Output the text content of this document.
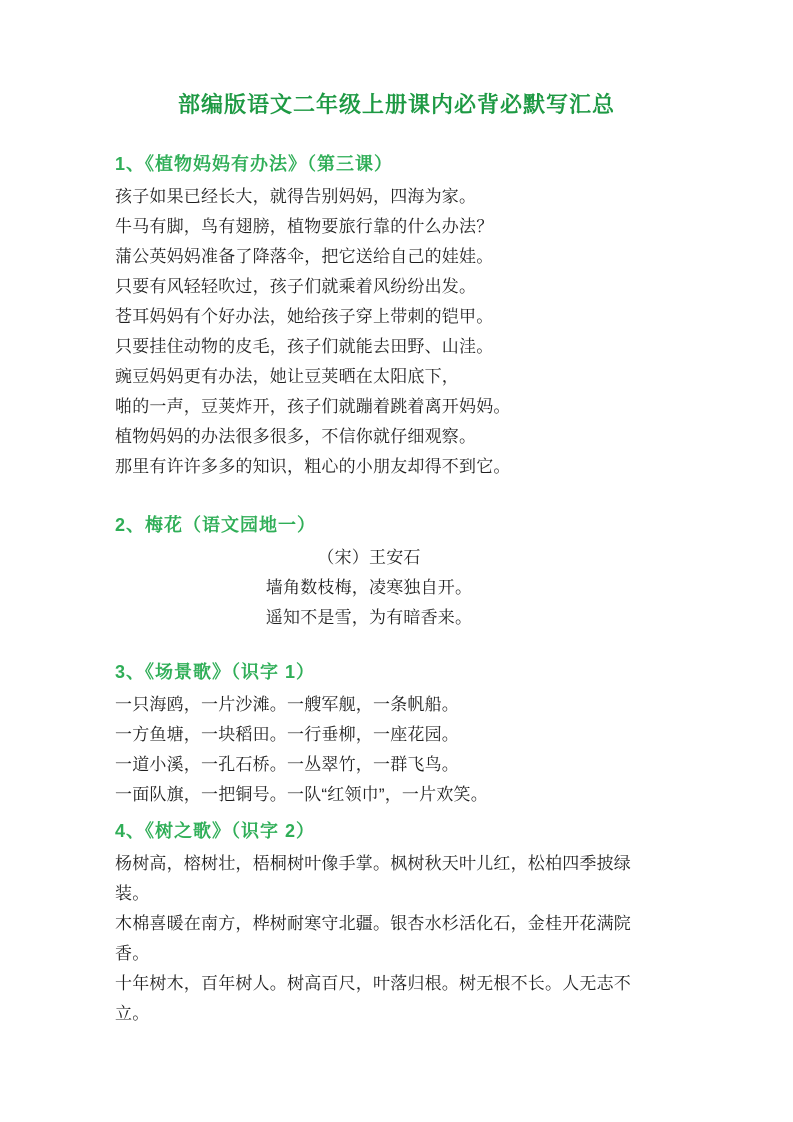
部编版语文二年级上册课内必背必默写汇总
1、《植物妈妈有办法》（第三课）
孩子如果已经长大，就得告别妈妈，四海为家。
牛马有脚，鸟有翅膀，植物要旅行靠的什么办法？
蒲公英妈妈准备了降落伞，把它送给自己的娃娃。
只要有风轻轻吹过，孩子们就乘着风纷纷出发。
苍耳妈妈有个好办法，她给孩子穿上带刺的铠甲。
只要挂住动物的皮毛，孩子们就能去田野、山洼。
豌豆妈妈更有办法，她让豆荚晒在太阳底下，
啪的一声，豆荚炸开，孩子们就蹦着跳着离开妈妈。
植物妈妈的办法很多很多，不信你就仔细观察。
那里有许许多多的知识，粗心的小朋友却得不到它。
2、梅花（语文园地一）
（宋）王安石
墙角数枝梅，凌寒独自开。
遥知不是雪，为有暗香来。
3、《场景歌》（识字 1）
一只海鸥，一片沙滩。一艘军舰，一条帆船。
一方鱼塘，一块稻田。一行垂柳，一座花园。
一道小溪，一孔石桥。一丛翠竹，一群飞鸟。
一面队旗，一把铜号。一队“红领巾”，一片欢笑。
4、《树之歌》（识字 2）
杨树高，榕树壮，梧桐树叶像手掌。枫树秋天叶儿红，松柏四季披绿
装。
木棉喜暖在南方，桦树耐寒守北疆。银杏水杉活化石，金桂开花满院
香。
十年树木，百年树人。树高百尺，叶落归根。树无根不长。人无志不
立。
